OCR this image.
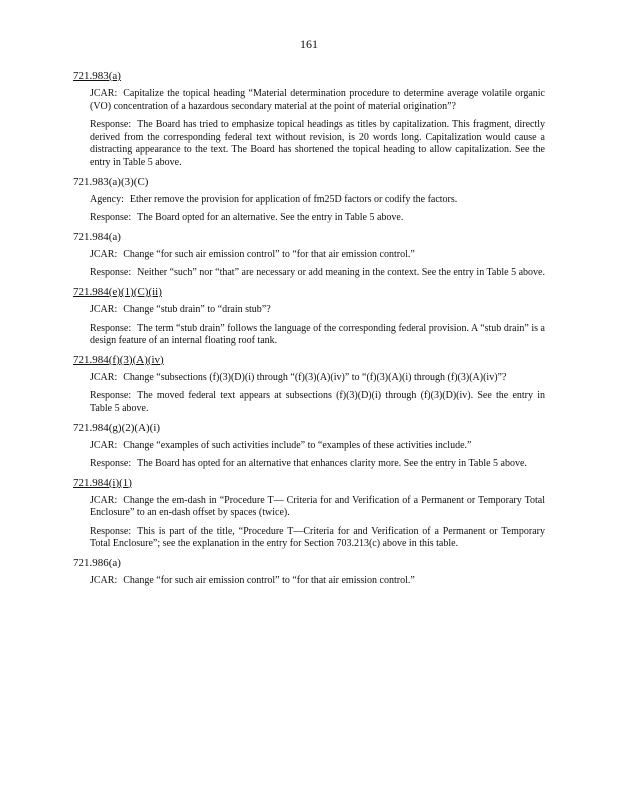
161
721.983(a)
JCAR: Capitalize the topical heading “Material determination procedure to determine average volatile organic (VO) concentration of a hazardous secondary material at the point of material origination”?
Response: The Board has tried to emphasize topical headings as titles by capitalization. This fragment, directly derived from the corresponding federal text without revision, is 20 words long. Capitalization would cause a distracting appearance to the text. The Board has shortened the topical heading to allow capitalization. See the entry in Table 5 above.
721.983(a)(3)(C)
Agency: Ether remove the provision for application of fm25D factors or codify the factors.
Response: The Board opted for an alternative. See the entry in Table 5 above.
721.984(a)
JCAR: Change “for such air emission control” to “for that air emission control.”
Response: Neither “such” nor “that” are necessary or add meaning in the context. See the entry in Table 5 above.
721.984(e)(1)(C)(ii)
JCAR: Change “stub drain” to “drain stub”?
Response: The term “stub drain” follows the language of the corresponding federal provision. A “stub drain” is a design feature of an internal floating roof tank.
721.984(f)(3)(A)(iv)
JCAR: Change “subsections (f)(3)(D)(i) through “(f)(3)(A)(iv)” to “(f)(3)(A)(i) through (f)(3)(A)(iv)”?
Response: The moved federal text appears at subsections (f)(3)(D)(i) through (f)(3)(D)(iv). See the entry in Table 5 above.
721.984(g)(2)(A)(i)
JCAR: Change “examples of such activities include” to “examples of these activities include.”
Response: The Board has opted for an alternative that enhances clarity more. See the entry in Table 5 above.
721.984(i)(1)
JCAR: Change the em-dash in “Procedure T— Criteria for and Verification of a Permanent or Temporary Total Enclosure” to an en-dash offset by spaces (twice).
Response: This is part of the title, “Procedure T—Criteria for and Verification of a Permanent or Temporary Total Enclosure”; see the explanation in the entry for Section 703.213(c) above in this table.
721.986(a)
JCAR: Change “for such air emission control” to “for that air emission control.”
